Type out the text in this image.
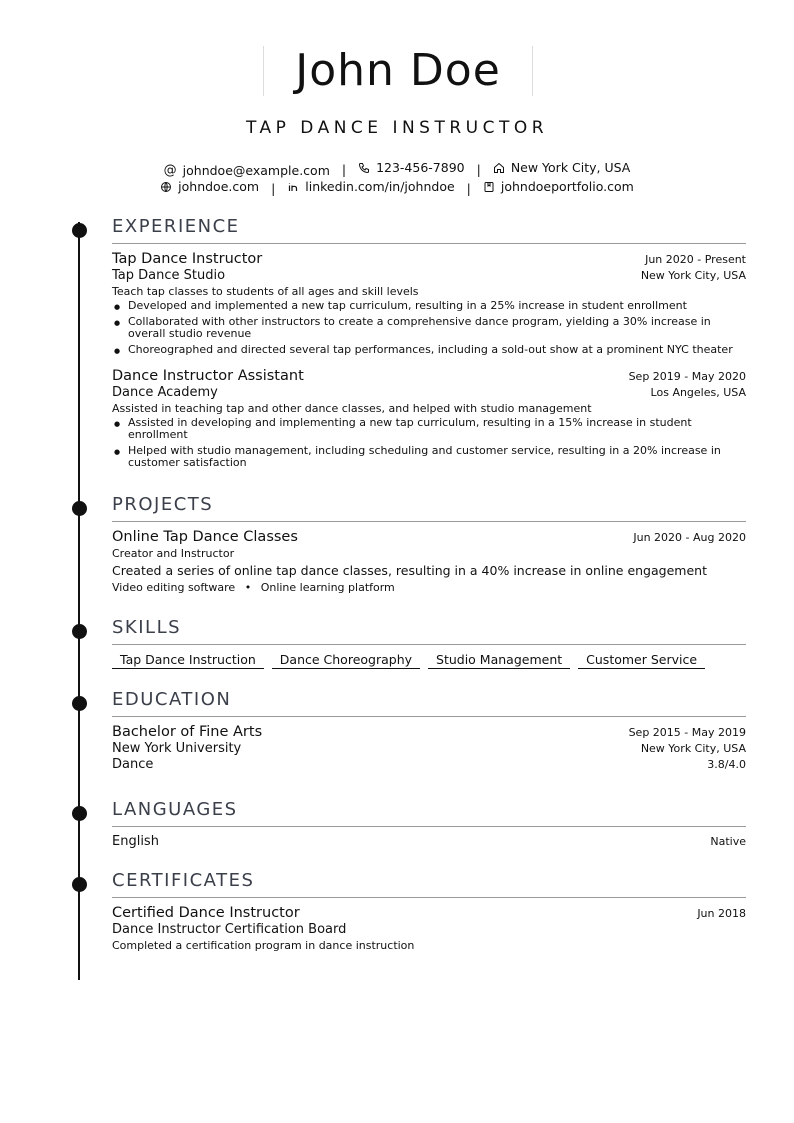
John Doe
TAP DANCE INSTRUCTOR
@ johndoe@example.com | 123-456-7890 | New York City, USA
johndoe.com | linkedin.com/in/johndoe | johndoeportfolio.com
EXPERIENCE
Tap Dance Instructor	Jun 2020 - Present
Tap Dance Studio	New York City, USA
Teach tap classes to students of all ages and skill levels
● Developed and implemented a new tap curriculum, resulting in a 25% increase in student enrollment
● Collaborated with other instructors to create a comprehensive dance program, yielding a 30% increase in overall studio revenue
● Choreographed and directed several tap performances, including a sold-out show at a prominent NYC theater
Dance Instructor Assistant	Sep 2019 - May 2020
Dance Academy	Los Angeles, USA
Assisted in teaching tap and other dance classes, and helped with studio management
● Assisted in developing and implementing a new tap curriculum, resulting in a 15% increase in student enrollment
● Helped with studio management, including scheduling and customer service, resulting in a 20% increase in customer satisfaction
PROJECTS
Online Tap Dance Classes	Jun 2020 - Aug 2020
Creator and Instructor
Created a series of online tap dance classes, resulting in a 40% increase in online engagement
Video editing software • Online learning platform
SKILLS
Tap Dance Instruction	Dance Choreography	Studio Management	Customer Service
EDUCATION
Bachelor of Fine Arts	Sep 2015 - May 2019
New York University	New York City, USA
Dance	3.8/4.0
LANGUAGES
English	Native
CERTIFICATES
Certified Dance Instructor	Jun 2018
Dance Instructor Certification Board
Completed a certification program in dance instruction
